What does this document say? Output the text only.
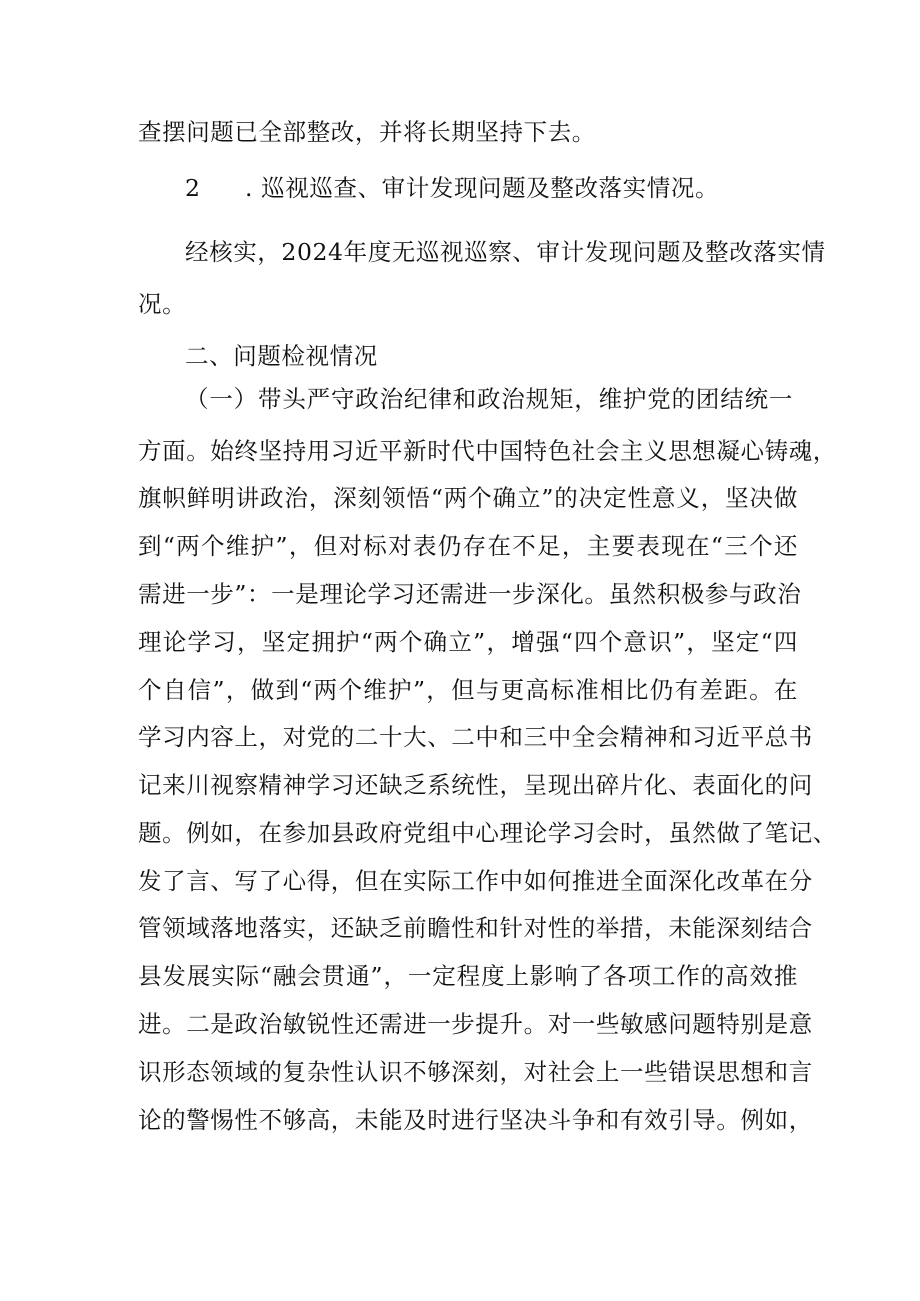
查摆问题已全部整改，并将长期坚持下去。
2 . 巡视巡查、审计发现问题及整改落实情况。
经核实，2024年度无巡视巡察、审计发现问题及整改落实情
况。
二、问题检视情况
（一）带头严守政治纪律和政治规矩，维护党的团结统一
方面。始终坚持用习近平新时代中国特色社会主义思想凝心铸魂，
旗帜鲜明讲政治，深刻领悟“两个确立”的决定性意义，坚决做
到“两个维护”，但对标对表仍存在不足，主要表现在“三个还
需进一步”：一是理论学习还需进一步深化。虽然积极参与政治
理论学习，坚定拥护“两个确立”，增强“四个意识”，坚定“四
个自信”，做到“两个维护”，但与更高标准相比仍有差距。在
学习内容上，对党的二十大、二中和三中全会精神和习近平总书
记来川视察精神学习还缺乏系统性，呈现出碎片化、表面化的问
题。例如，在参加县政府党组中心理论学习会时，虽然做了笔记、
发了言、写了心得，但在实际工作中如何推进全面深化改革在分
管领域落地落实，还缺乏前瞻性和针对性的举措，未能深刻结合
县发展实际“融会贯通”，一定程度上影响了各项工作的高效推
进。二是政治敏锐性还需进一步提升。对一些敏感问题特别是意
识形态领域的复杂性认识不够深刻，对社会上一些错误思想和言
论的警惕性不够高，未能及时进行坚决斗争和有效引导。例如，
